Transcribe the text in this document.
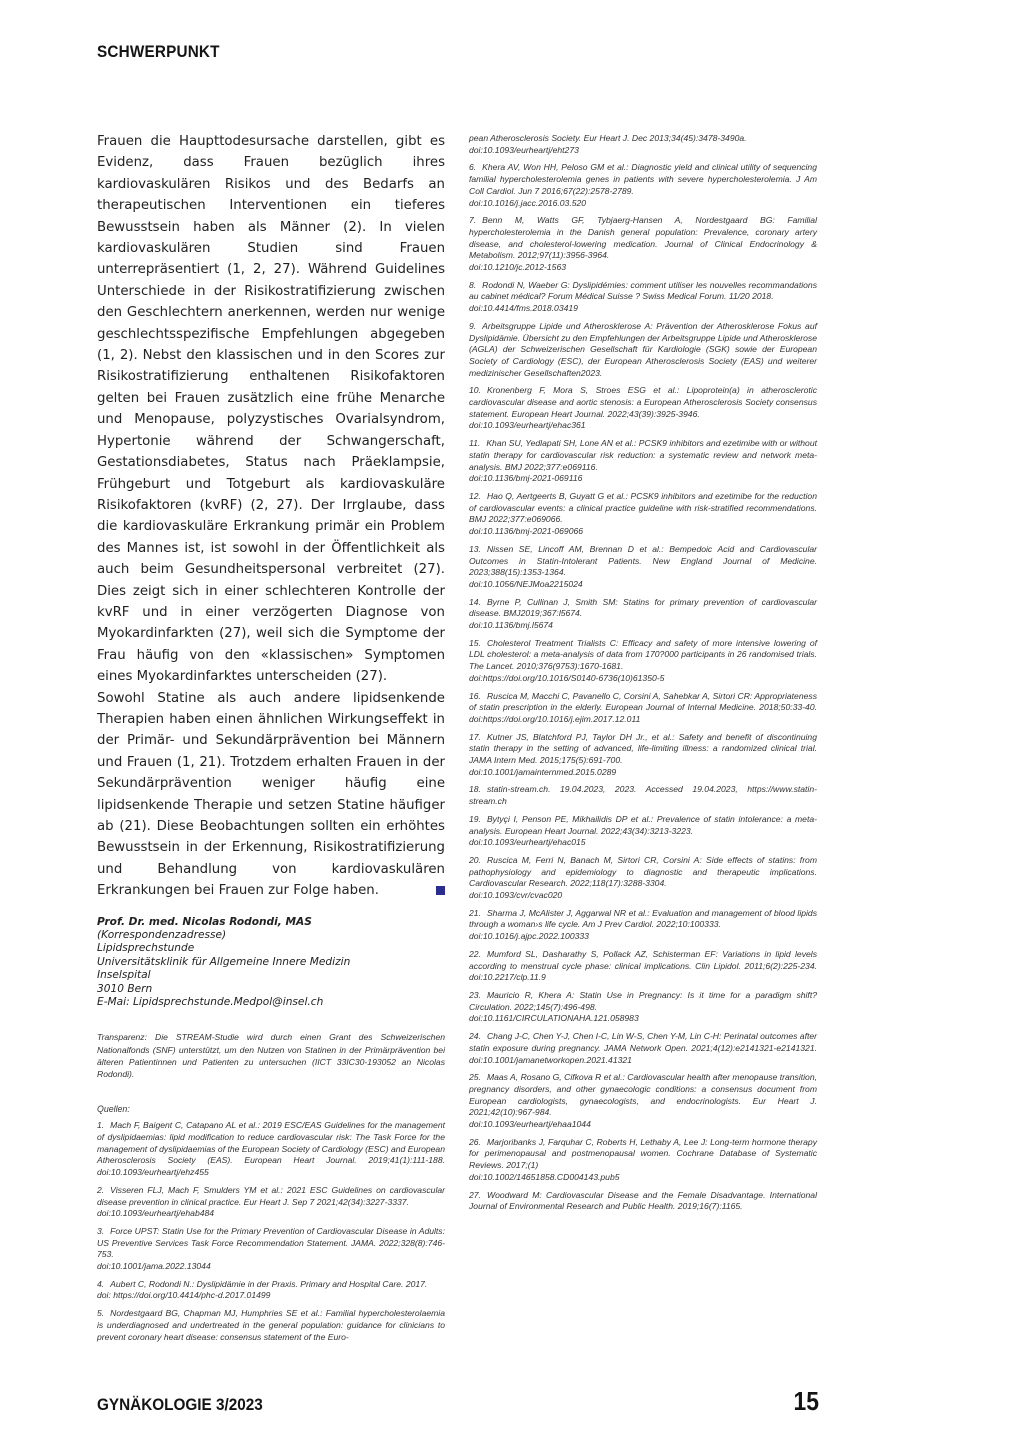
SCHWERPUNKT

Frauen die Haupttodesursache darstellen, gibt es Evidenz, dass Frauen bezüglich ihres kardiovaskulären Risikos und des Bedarfs an therapeutischen Interventionen ein tieferes Bewusstsein haben als Männer (2). In vielen kardiovaskulären Studien sind Frauen unterrepräsentiert (1, 2, 27). Während Guidelines Unterschiede in der Risikostratifizierung zwischen den Geschlechtern anerkennen, werden nur wenige geschlechtsspezifische Empfehlungen abgegeben (1, 2). Nebst den klassischen und in den Scores zur Risikostratifizierung enthaltenen Risikofaktoren gelten bei Frauen zusätzlich eine frühe Menarche und Menopause, polyzystisches Ovarialsyndrom, Hypertonie während der Schwangerschaft, Gestationsdiabetes, Status nach Präeklampsie, Frühgeburt und Totgeburt als kardiovaskuläre Risikofaktoren (kvRF) (2, 27). Der Irrglaube, dass die kardiovaskuläre Erkrankung primär ein Problem des Mannes ist, ist sowohl in der Öffentlichkeit als auch beim Gesundheitspersonal verbreitet (27). Dies zeigt sich in einer schlechteren Kontrolle der kvRF und in einer verzögerten Diagnose von Myokardinfarkten (27), weil sich die Symptome der Frau häufig von den «klassischen» Symptomen eines Myokardinfarktes unterscheiden (27).

Sowohl Statine als auch andere lipidsenkende Therapien haben einen ähnlichen Wirkungseffekt in der Primär- und Sekundärprävention bei Männern und Frauen (1, 21). Trotzdem erhalten Frauen in der Sekundärprävention weniger häufig eine lipidsenkende Therapie und setzen Statine häufiger ab (21). Diese Beobachtungen sollten ein erhöhtes Bewusstsein in der Erkennung, Risikostratifizierung und Behandlung von kardiovaskulären Erkrankungen bei Frauen zur Folge haben.

Prof. Dr. med. Nicolas Rodondi, MAS
(Korrespondenzadresse)
Lipidsprechstunde
Universitätsklinik für Allgemeine Innere Medizin
Inselspital
3010 Bern
E-Mai: Lipidsprechstunde.Medpol@insel.ch
Transparenz: Die STREAM-Studie wird durch einen Grant des Schweizerischen Nationalfonds (SNF) unterstützt, um den Nutzen von Statinen in der Primärprävention bei älteren Patientinnen und Patienten zu untersuchen (IICT 33IC30-193052 an Nicolas Rodondi).
Quellen:

1. Mach F, Baigent C, Catapano AL et al.: 2019 ESC/EAS Guidelines for the management of dyslipidaemias: lipid modification to reduce cardiovascular risk: The Task Force for the management of dyslipidaemias of the European Society of Cardiology (ESC) and European Atherosclerosis Society (EAS). European Heart Journal. 2019;41(1):111-188. doi:10.1093/eurheartj/ehz455

2. Visseren FLJ, Mach F, Smulders YM et al.: 2021 ESC Guidelines on cardiovascular disease prevention in clinical practice. Eur Heart J. Sep 7 2021;42(34):3227-3337.
doi:10.1093/eurheartj/ehab484

3. Force UPST: Statin Use for the Primary Prevention of Cardiovascular Disease in Adults: US Preventive Services Task Force Recommendation Statement. JAMA. 2022;328(8):746-753.
doi:10.1001/jama.2022.13044

4. Aubert C, Rodondi N.: Dyslipidämie in der Praxis. Primary and Hospital Care. 2017.
doi: https://doi.org/10.4414/phc-d.2017.01499

5. Nordestgaard BG, Chapman MJ, Humphries SE et al.: Familial hypercholesterolaemia is underdiagnosed and undertreated in the general population: guidance for clinicians to prevent coronary heart disease: consensus statement of the Euro-

pean Atherosclerosis Society. Eur Heart J. Dec 2013;34(45):3478-3490a.
doi:10.1093/eurheartj/eht273

6. Khera AV, Won HH, Peloso GM et al.: Diagnostic yield and clinical utility of sequencing familial hypercholesterolemia genes in patients with severe hypercholesterolemia. J Am Coll Cardiol. Jun 7 2016;67(22):2578-2789.
doi:10.1016/j.jacc.2016.03.520

7. Benn M, Watts GF, Tybjaerg-Hansen A, Nordestgaard BG: Familial hypercholesterolemia in the Danish general population: Prevalence, coronary artery disease, and cholesterol-lowering medication. Journal of Clinical Endocrinology & Metabolism. 2012;97(11):3956-3964.
doi:10.1210/jc.2012-1563

8. Rodondi N, Waeber G: Dyslipidémies: comment utiliser les nouvelles recommandations au cabinet médical? Forum Médical Suisse ? Swiss Medical Forum. 11/20 2018.
doi:10.4414/fms.2018.03419

9. Arbeitsgruppe Lipide und Atherosklerose A: Prävention der Atherosklerose Fokus auf Dyslipidämie. Übersicht zu den Empfehlungen der Arbeitsgruppe Lipide und Atherosklerose (AGLA) der Schweizerischen Gesellschaft für Kardiologie (SGK) sowie der European Society of Cardiology (ESC), der European Atherosclerosis Society (EAS) und weiterer medizinischer Gesellschaften2023.

10. Kronenberg F, Mora S, Stroes ESG et al.: Lipoprotein(a) in atherosclerotic cardiovascular disease and aortic stenosis: a European Atherosclerosis Society consensus statement. European Heart Journal. 2022;43(39):3925-3946.
doi:10.1093/eurheartj/ehac361

11. Khan SU, Yedlapati SH, Lone AN et al.: PCSK9 inhibitors and ezetimibe with or without statin therapy for cardiovascular risk reduction: a systematic review and network meta-analysis. BMJ 2022;377:e069116.
doi:10.1136/bmj-2021-069116

12. Hao Q, Aertgeerts B, Guyatt G et al.: PCSK9 inhibitors and ezetimibe for the reduction of cardiovascular events: a clinical practice guideline with risk-stratified recommendations. BMJ 2022;377:e069066.
doi:10.1136/bmj-2021-069066

13. Nissen SE, Lincoff AM, Brennan D et al.: Bempedoic Acid and Cardiovascular Outcomes in Statin-Intolerant Patients. New England Journal of Medicine. 2023;388(15):1353-1364.
doi:10.1056/NEJMoa2215024

14. Byrne P, Cullinan J, Smith SM: Statins for primary prevention of cardiovascular disease. BMJ2019;367:l5674.
doi:10.1136/bmj.l5674

15. Cholesterol Treatment Trialists C: Efficacy and safety of more intensive lowering of LDL cholesterol: a meta-analysis of data from 170?000 participants in 26 randomised trials. The Lancet. 2010;376(9753):1670-1681.
doi:https://doi.org/10.1016/S0140-6736(10)61350-5

16. Ruscica M, Macchi C, Pavanello C, Corsini A, Sahebkar A, Sirtori CR: Appropriateness of statin prescription in the elderly. European Journal of Internal Medicine. 2018;50:33-40. doi:https://doi.org/10.1016/j.ejim.2017.12.011

17. Kutner JS, Blatchford PJ, Taylor DH Jr., et al.: Safety and benefit of discontinuing statin therapy in the setting of advanced, life-limiting illness: a randomized clinical trial. JAMA Intern Med. 2015;175(5):691-700.
doi:10.1001/jamainternmed.2015.0289

18. statin-stream.ch. 19.04.2023, 2023. Accessed 19.04.2023, https://www.statin-stream.ch

19. Bytyçi I, Penson PE, Mikhailidis DP et al.: Prevalence of statin intolerance: a meta-analysis. European Heart Journal. 2022;43(34):3213-3223.
doi:10.1093/eurheartj/ehac015

20. Ruscica M, Ferri N, Banach M, Sirtori CR, Corsini A: Side effects of statins: from pathophysiology and epidemiology to diagnostic and therapeutic implications. Cardiovascular Research. 2022;118(17):3288-3304.
doi:10.1093/cvr/cvac020

21. Sharma J, McAlister J, Aggarwal NR et al.: Evaluation and management of blood lipids through a woman›s life cycle. Am J Prev Cardiol. 2022;10:100333.
doi:10.1016/j.ajpc.2022.100333

22. Mumford SL, Dasharathy S, Pollack AZ, Schisterman EF: Variations in lipid levels according to menstrual cycle phase: clinical implications. Clin Lipidol. 2011;6(2):225-234. doi:10.2217/clp.11.9

23. Mauricio R, Khera A: Statin Use in Pregnancy: Is it time for a paradigm shift? Circulation. 2022;145(7):496-498.
doi:10.1161/CIRCULATIONAHA.121.058983

24. Chang J-C, Chen Y-J, Chen I-C, Lin W-S, Chen Y-M, Lin C-H: Perinatal outcomes after statin exposure during pregnancy. JAMA Network Open. 2021;4(12):e2141321-e2141321. doi:10.1001/jamanetworkopen.2021.41321

25. Maas A, Rosano G, Cifkova R et al.: Cardiovascular health after menopause transition, pregnancy disorders, and other gynaecologic conditions: a consensus document from European cardiologists, gynaecologists, and endocrinologists. Eur Heart J. 2021;42(10):967-984.
doi:10.1093/eurheartj/ehaa1044

26. Marjoribanks J, Farquhar C, Roberts H, Lethaby A, Lee J: Long-term hormone therapy for perimenopausal and postmenopausal women. Cochrane Database of Systematic Reviews. 2017;(1)
doi:10.1002/14651858.CD004143.pub5

27. Woodward M: Cardiovascular Disease and the Female Disadvantage. International Journal of Environmental Research and Public Health. 2019;16(7):1165.

GYNÄKOLOGIE 3/2023	15
